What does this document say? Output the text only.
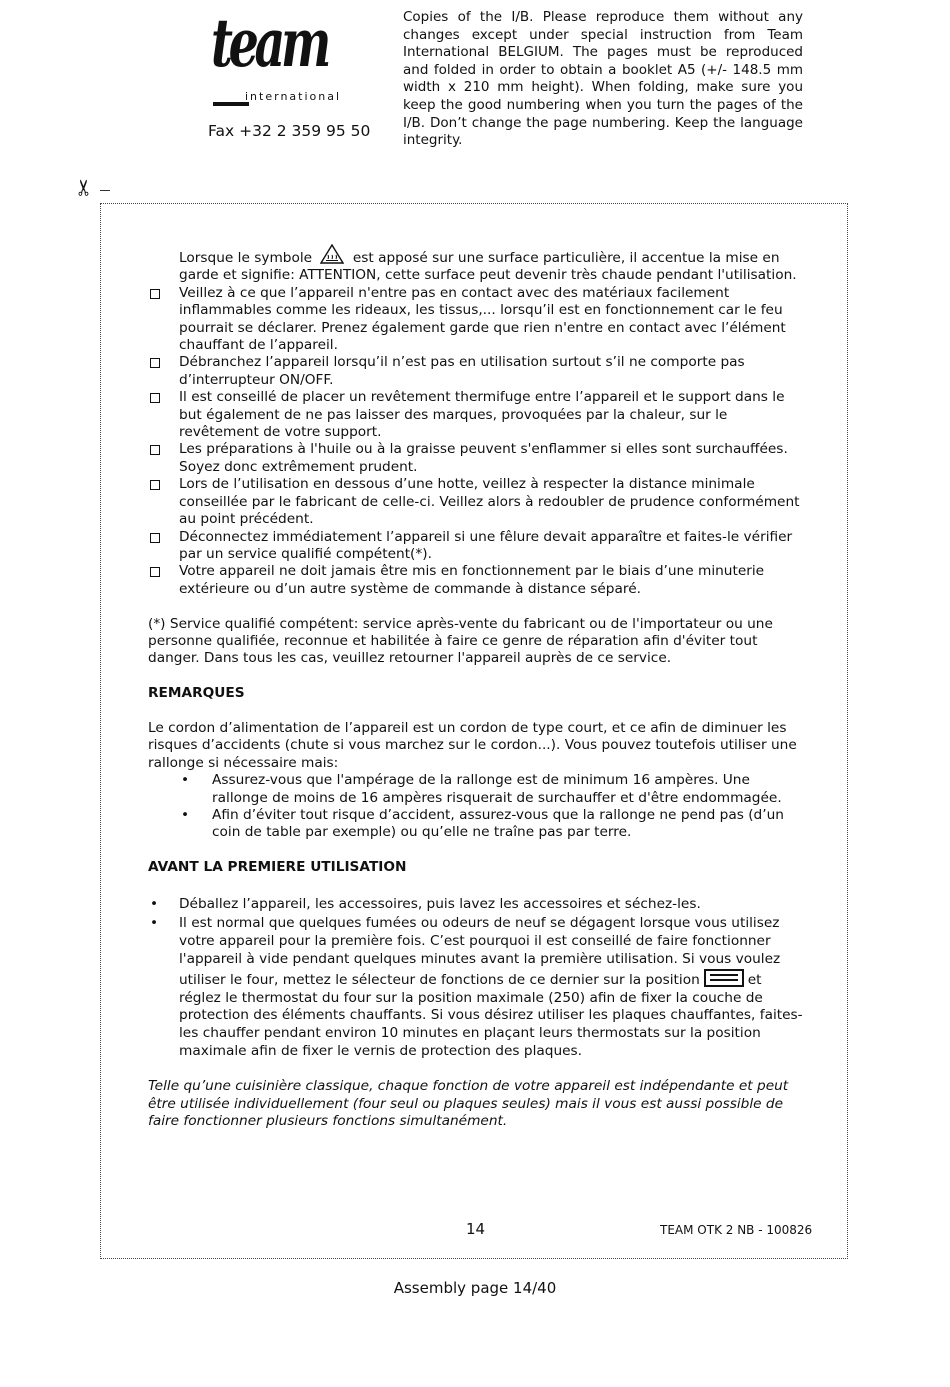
team
international
Fax +32 2 359 95 50
Copies of the I/B. Please reproduce them without any changes except under special instruction from Team International BELGIUM. The pages must be reproduced and folded in order to obtain a booklet A5 (+/- 148.5 mm width x 210 mm height). When folding, make sure you keep the good numbering when you turn the pages of the I/B. Don’t change the page numbering. Keep the language integrity.
✂
Lorsque le symbole	est apposé sur une surface particulière, il accentue la mise en garde et signifie: ATTENTION, cette surface peut devenir très chaude pendant l'utilisation.
Veillez à ce que l’appareil n'entre pas en contact avec des matériaux facilement inflammables comme les rideaux, les tissus,... lorsqu’il est en fonctionnement car le feu pourrait se déclarer. Prenez également garde que rien n'entre en contact avec l’élément chauffant de l’appareil.
Débranchez l’appareil lorsqu’il n’est pas en utilisation surtout s’il ne comporte pas d’interrupteur ON/OFF.
Il est conseillé de placer un revêtement thermifuge entre l’appareil et le support dans le but également de ne pas laisser des marques, provoquées par la chaleur, sur le revêtement de votre support.
Les préparations à l'huile ou à la graisse peuvent s'enflammer si elles sont surchauffées. Soyez donc extrêmement prudent.
Lors de l’utilisation en dessous d’une hotte, veillez à respecter la distance minimale conseillée par le fabricant de celle-ci. Veillez alors à redoubler de prudence conformément au point précédent.
Déconnectez immédiatement l’appareil si une fêlure devait apparaître et faites-le vérifier par un service qualifié compétent(*).
Votre appareil ne doit jamais être mis en fonctionnement par le biais d’une minuterie extérieure ou d’un autre système de commande à distance séparé.
(*) Service qualifié compétent: service après-vente du fabricant ou de l'importateur ou une personne qualifiée, reconnue et habilitée à faire ce genre de réparation afin d'éviter tout danger. Dans tous les cas, veuillez retourner l'appareil auprès de ce service.
REMARQUES
Le cordon d’alimentation de l’appareil est un cordon de type court, et ce afin de diminuer les risques d’accidents (chute si vous marchez sur le cordon...). Vous pouvez toutefois utiliser une rallonge si nécessaire mais:
• Assurez-vous que l'ampérage de la rallonge est de minimum 16 ampères. Une rallonge de moins de 16 ampères risquerait de surchauffer et d'être endommagée.
• Afin d’éviter tout risque d’accident, assurez-vous que la rallonge ne pend pas (d’un coin de table par exemple) ou qu’elle ne traîne pas par terre.
AVANT LA PREMIERE UTILISATION
• Déballez l’appareil, les accessoires, puis lavez les accessoires et séchez-les.
• Il est normal que quelques fumées ou odeurs de neuf se dégagent lorsque vous utilisez votre appareil pour la première fois. C’est pourquoi il est conseillé de faire fonctionner l'appareil à vide pendant quelques minutes avant la première utilisation. Si vous voulez utiliser le four, mettez le sélecteur de fonctions de ce dernier sur la position	et réglez le thermostat du four sur la position maximale (250) afin de fixer la couche de protection des éléments chauffants. Si vous désirez utiliser les plaques chauffantes, faites-les chauffer pendant environ 10 minutes en plaçant leurs thermostats sur la position maximale afin de fixer le vernis de protection des plaques.
Telle qu’une cuisinière classique, chaque fonction de votre appareil est indépendante et peut être utilisée individuellement (four seul ou plaques seules) mais il vous est aussi possible de faire fonctionner plusieurs fonctions simultanément.
14	TEAM OTK 2 NB - 100826
Assembly page 14/40
